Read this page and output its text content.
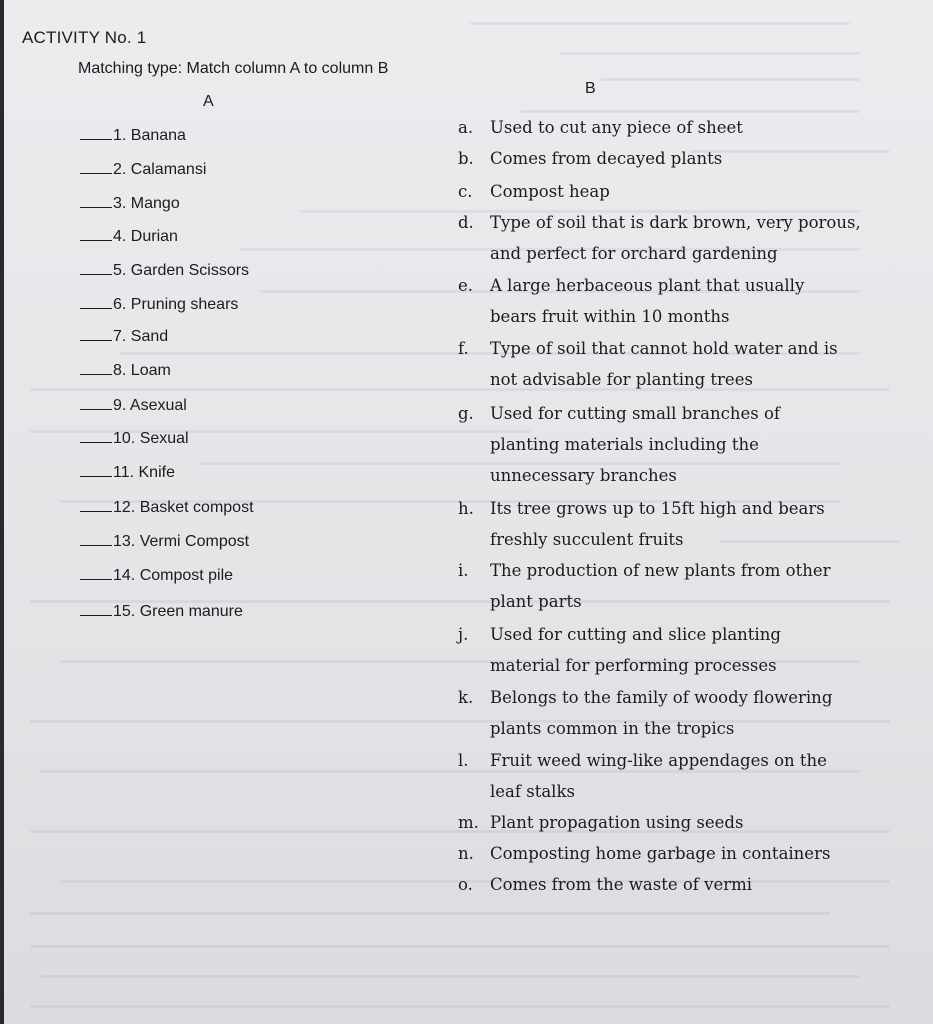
ACTIVITY No. 1
Matching type: Match column A to column B
A
B
1. Banana
2. Calamansi
3. Mango
4. Durian
5. Garden Scissors
6. Pruning shears
7. Sand
8. Loam
9. Asexual
10. Sexual
11. Knife
12. Basket compost
13. Vermi Compost
14. Compost pile
15. Green manure
a.	Used to cut any piece of sheet
b. Comes from decayed plants
c.	Compost heap
d. Type of soil that is dark brown, very porous, and perfect for orchard gardening
e.	A large herbaceous plant that usually bears fruit within 10 months
f.	Type of soil that cannot hold water and is not advisable for planting trees
g. Used for cutting small branches of planting materials including the unnecessary branches
h. Its tree grows up to 15ft high and bears freshly succulent fruits
i.	The production of new plants from other plant parts
j.	Used for cutting and slice planting material for performing processes
k.	Belongs to the family of woody flowering plants common in the tropics
l.	Fruit weed wing-like appendages on the leaf stalks
m. Plant propagation using seeds
n. Composting home garbage in containers
o.	Comes from the waste of vermi
